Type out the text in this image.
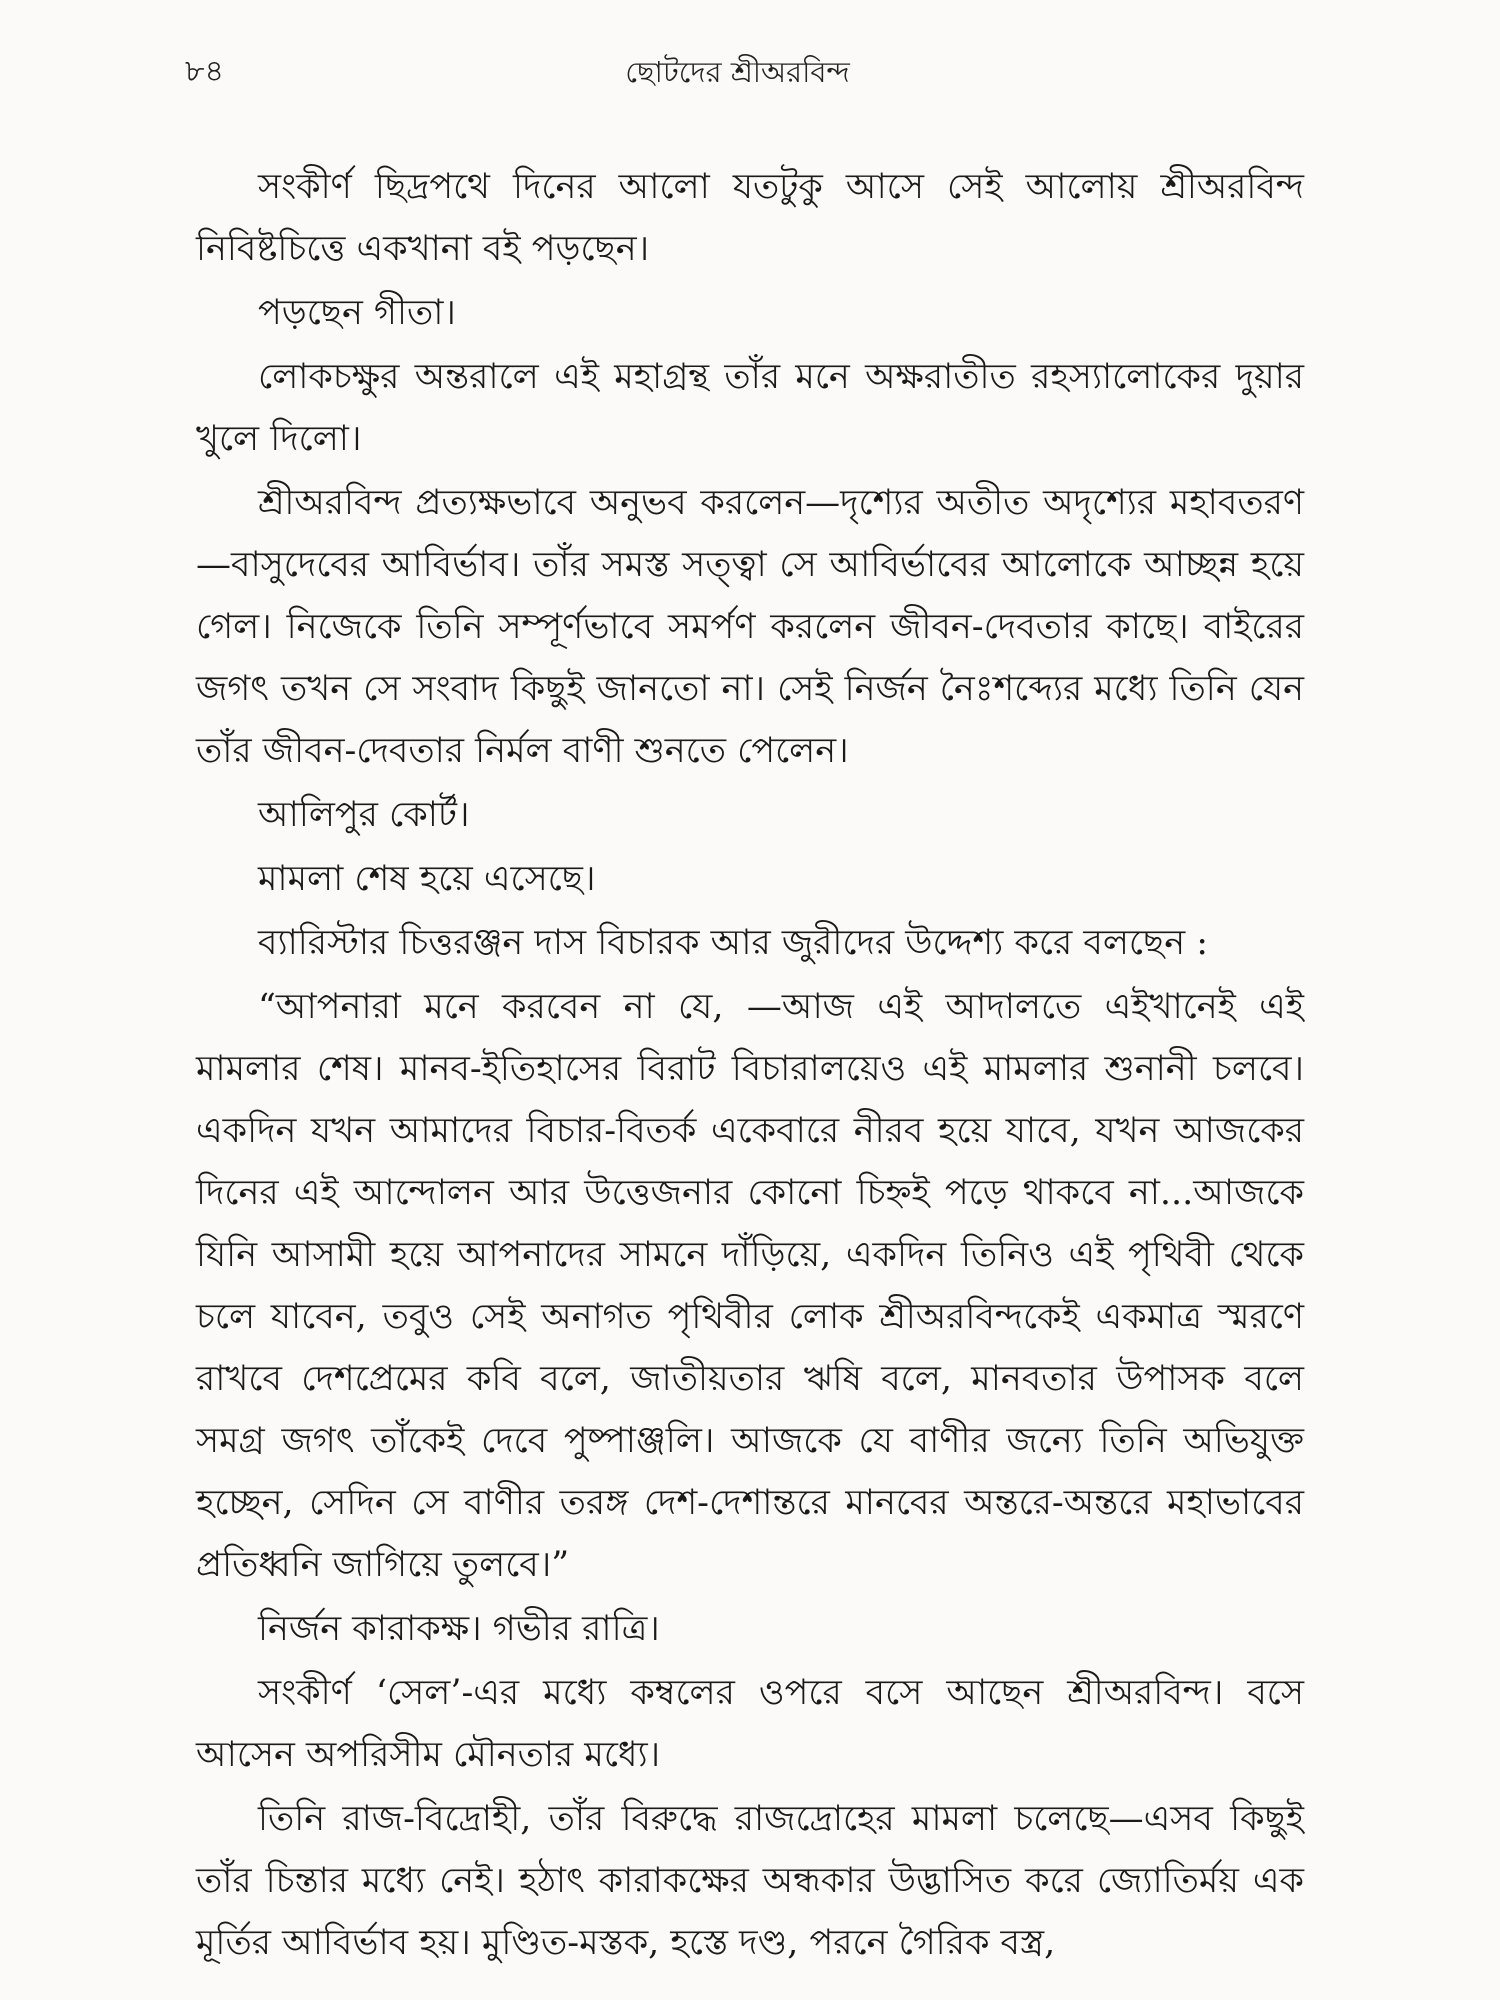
৮৪	ছোটদের শ্রীঅরবিন্দ

সংকীর্ণ ছিদ্রপথে দিনের আলো যতটুকু আসে সেই আলোয় শ্রীঅরবিন্দ নিবিষ্টচিত্তে একখানা বই পড়ছেন।

পড়ছেন গীতা।

লোকচক্ষুর অন্তরালে এই মহাগ্রন্থ তাঁর মনে অক্ষরাতীত রহস্যালোকের দুয়ার খুলে দিলো।

শ্রীঅরবিন্দ প্রত্যক্ষভাবে অনুভব করলেন—দৃশ্যের অতীত অদৃশ্যের মহাবতরণ—বাসুদেবের আবির্ভাব। তাঁর সমস্ত সত্ত্বা সে আবির্ভাবের আলোকে আচ্ছন্ন হয়ে গেল। নিজেকে তিনি সম্পূর্ণভাবে সমর্পণ করলেন জীবন-দেবতার কাছে। বাইরের জগৎ তখন সে সংবাদ কিছুই জানতো না। সেই নির্জন নৈঃশব্দ্যের মধ্যে তিনি যেন তাঁর জীবন-দেবতার নির্মল বাণী শুনতে পেলেন।

আলিপুর কোর্ট।

মামলা শেষ হয়ে এসেছে।

ব্যারিস্টার চিত্তরঞ্জন দাস বিচারক আর জুরীদের উদ্দেশ্য করে বলছেন :

“আপনারা মনে করবেন না যে, —আজ এই আদালতে এইখানেই এই মামলার শেষ। মানব-ইতিহাসের বিরাট বিচারালয়েও এই মামলার শুনানী চলবে। একদিন যখন আমাদের বিচার-বিতর্ক একেবারে নীরব হয়ে যাবে, যখন আজকের দিনের এই আন্দোলন আর উত্তেজনার কোনো চিহ্নই পড়ে থাকবে না...আজকে যিনি আসামী হয়ে আপনাদের সামনে দাঁড়িয়ে, একদিন তিনিও এই পৃথিবী থেকে চলে যাবেন, তবুও সেই অনাগত পৃথিবীর লোক শ্রীঅরবিন্দকেই একমাত্র স্মরণে রাখবে দেশপ্রেমের কবি বলে, জাতীয়তার ঋষি বলে, মানবতার উপাসক বলে সমগ্র জগৎ তাঁকেই দেবে পুষ্পাঞ্জলি। আজকে যে বাণীর জন্যে তিনি অভিযুক্ত হচ্ছেন, সেদিন সে বাণীর তরঙ্গ দেশ-দেশান্তরে মানবের অন্তরে-অন্তরে মহাভাবের প্রতিধ্বনি জাগিয়ে তুলবে।”

নির্জন কারাকক্ষ। গভীর রাত্রি।

সংকীর্ণ ‘সেল’-এর মধ্যে কম্বলের ওপরে বসে আছেন শ্রীঅরবিন্দ। বসে আসেন অপরিসীম মৌনতার মধ্যে।

তিনি রাজ-বিদ্রোহী, তাঁর বিরুদ্ধে রাজদ্রোহের মামলা চলেছে—এসব কিছুই তাঁর চিন্তার মধ্যে নেই। হঠাৎ কারাকক্ষের অন্ধকার উদ্ভাসিত করে জ্যোতির্ময় এক মূর্তির আবির্ভাব হয়। মুণ্ডিত-মস্তক, হস্তে দণ্ড, পরনে গৈরিক বস্ত্র,
